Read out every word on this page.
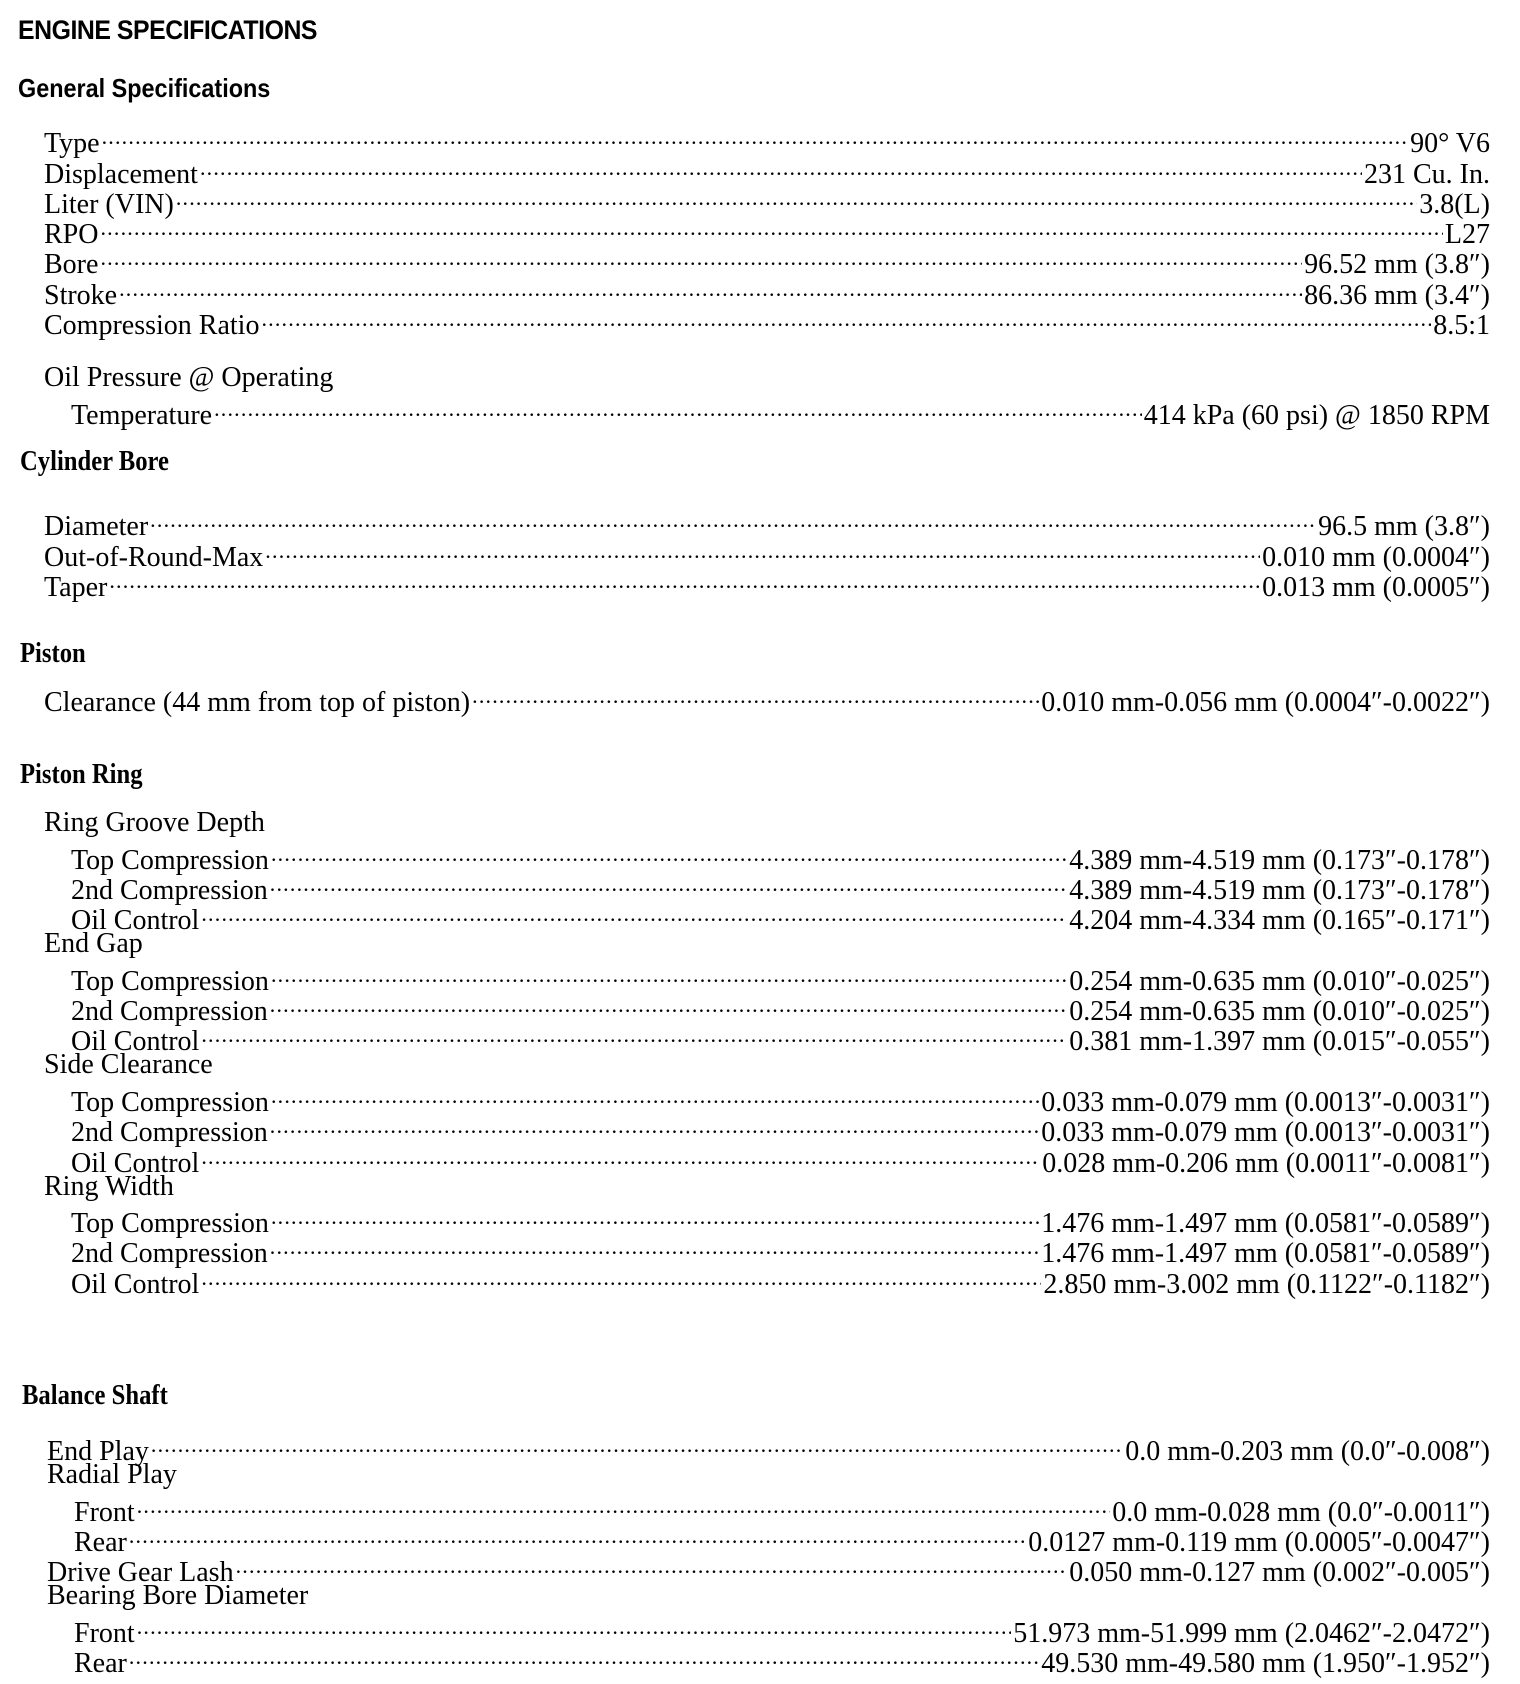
ENGINE SPECIFICATIONS
General Specifications
Type .....	90° V6
Displacement .....	231 Cu. In.
Liter (VIN) .....	3.8(L)
RPO .....	L27
Bore .....	96.52 mm (3.8″)
Stroke .....	86.36 mm (3.4″)
Compression Ratio .....	8.5:1
Oil Pressure @ Operating
Temperature .....	414 kPa (60 psi) @ 1850 RPM
Cylinder Bore
Diameter .....	96.5 mm (3.8″)
Out-of-Round-Max .....	0.010 mm (0.0004″)
Taper .....	0.013 mm (0.0005″)
Piston
Clearance (44 mm from top of piston) .....	0.010 mm-0.056 mm (0.0004″-0.0022″)
Piston Ring
Ring Groove Depth
Top Compression .....	4.389 mm-4.519 mm (0.173″-0.178″)
2nd Compression .....	4.389 mm-4.519 mm (0.173″-0.178″)
Oil Control .....	4.204 mm-4.334 mm (0.165″-0.171″)
End Gap
Top Compression .....	0.254 mm-0.635 mm (0.010″-0.025″)
2nd Compression .....	0.254 mm-0.635 mm (0.010″-0.025″)
Oil Control .....	0.381 mm-1.397 mm (0.015″-0.055″)
Side Clearance
Top Compression .....	0.033 mm-0.079 mm (0.0013″-0.0031″)
2nd Compression .....	0.033 mm-0.079 mm (0.0013″-0.0031″)
Oil Control .....	0.028 mm-0.206 mm (0.0011″-0.0081″)
Ring Width
Top Compression .....	1.476 mm-1.497 mm (0.0581″-0.0589″)
2nd Compression .....	1.476 mm-1.497 mm (0.0581″-0.0589″)
Oil Control .....	2.850 mm-3.002 mm (0.1122″-0.1182″)
Balance Shaft
End Play .....	0.0 mm-0.203 mm (0.0″-0.008″)
Radial Play
Front .....	0.0 mm-0.028 mm (0.0″-0.0011″)
Rear .....	0.0127 mm-0.119 mm (0.0005″-0.0047″)
Drive Gear Lash .....	0.050 mm-0.127 mm (0.002″-0.005″)
Bearing Bore Diameter
Front .....	51.973 mm-51.999 mm (2.0462″-2.0472″)
Rear .....	49.530 mm-49.580 mm (1.950″-1.952″)
